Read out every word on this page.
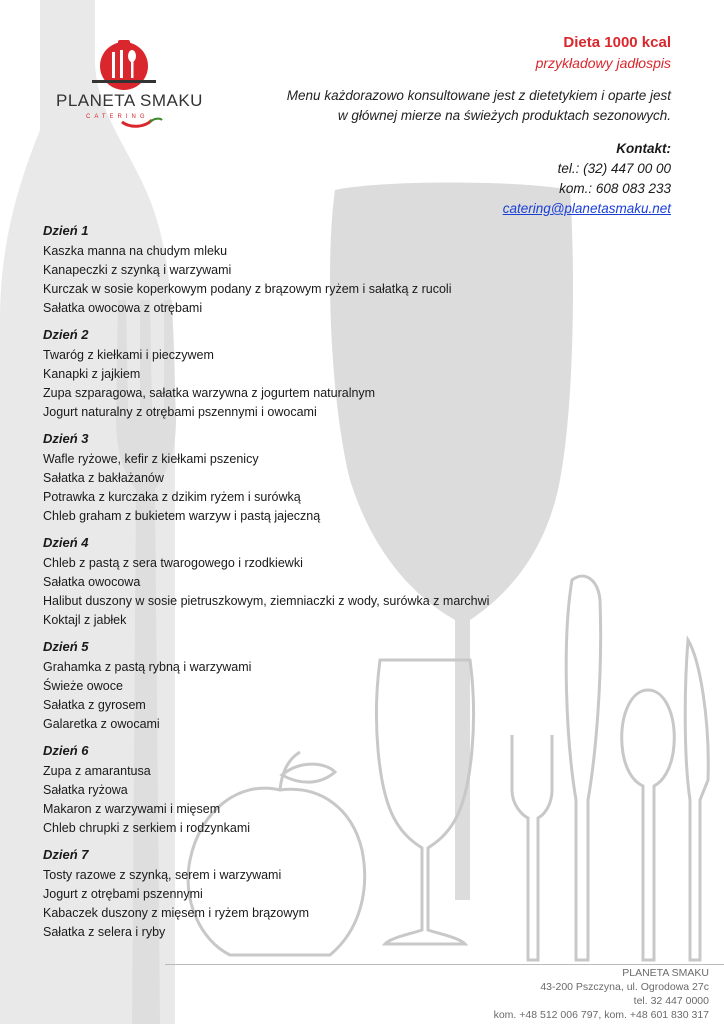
PLANETA SMAKU
CATERING
Dieta 1000 kcal
przykładowy jadłospis
Menu każdorazowo konsultowane jest z dietetykiem i oparte jest
w głównej mierze na świeżych produktach sezonowych.
Kontakt:
tel.: (32) 447 00 00
kom.: 608 083 233
catering@planetasmaku.net
Dzień 1
Kaszka manna na chudym mleku
Kanapeczki z szynką i warzywami
Kurczak w sosie koperkowym podany z brązowym ryżem i sałatką z rucoli
Sałatka owocowa z otrębami
Dzień 2
Twaróg z kiełkami i pieczywem
Kanapki z jajkiem
Zupa szparagowa, sałatka warzywna z jogurtem naturalnym
Jogurt naturalny z otrębami pszennymi i owocami
Dzień 3
Wafle ryżowe, kefir z kiełkami pszenicy
Sałatka z bakłażanów
Potrawka z kurczaka z dzikim ryżem i surówką
Chleb graham z bukietem warzyw i pastą jajeczną
Dzień 4
Chleb z pastą z sera twarogowego i rzodkiewki
Sałatka owocowa
Halibut duszony w sosie pietruszkowym, ziemniaczki z wody, surówka z marchwi
Koktajl z jabłek
Dzień 5
Grahamka z pastą rybną i warzywami
Świeże owoce
Sałatka z gyrosem
Galaretka z owocami
Dzień 6
Zupa z amarantusa
Sałatka ryżowa
Makaron z warzywami i mięsem
Chleb chrupki z serkiem i rodzynkami
Dzień 7
Tosty razowe z szynką, serem i warzywami
Jogurt z otrębami pszennymi
Kabaczek duszony z mięsem i ryżem brązowym
Sałatka z selera i ryby
PLANETA SMAKU
43-200 Pszczyna, ul. Ogrodowa 27c
tel. 32 447 0000
kom. +48 512 006 797, kom. +48 601 830 317
